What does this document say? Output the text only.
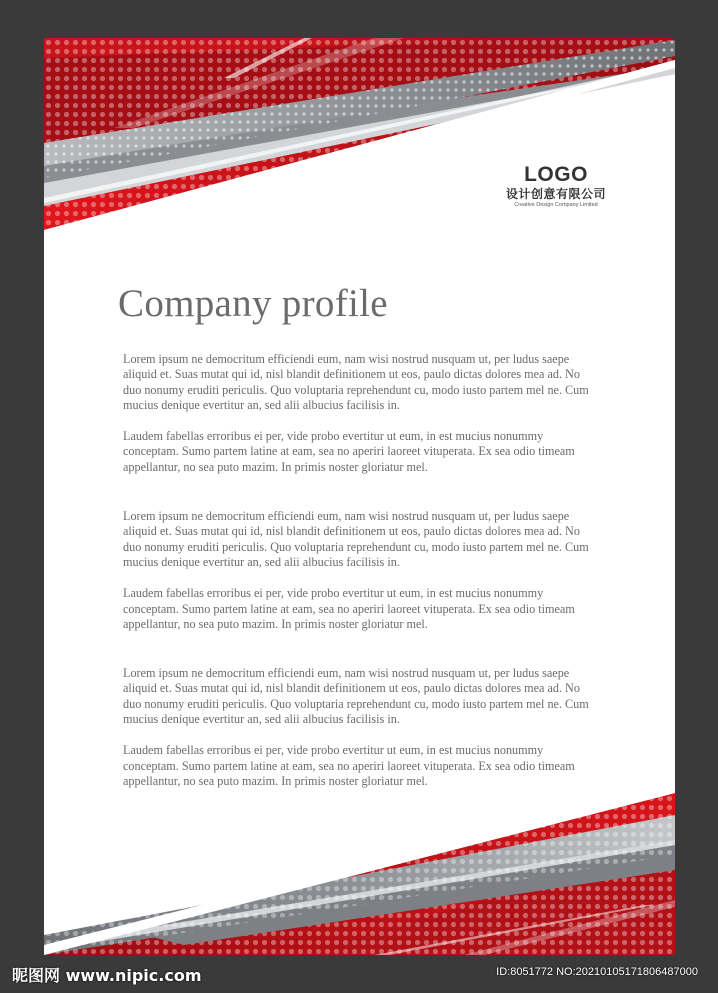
LOGO
设计创意有限公司
Creative Design Company Limited
Company profile

Lorem ipsum ne democritum efficiendi eum, nam wisi nostrud nusquam ut, per ludus saepe aliquid et. Suas mutat qui id, nisl blandit definitionem ut eos, paulo dictas dolores mea ad. No duo nonumy eruditi periculis. Quo voluptaria reprehendunt cu, modo iusto partem mel ne. Cum mucius denique evertitur an, sed alii albucius facilisis in.

Laudem fabellas erroribus ei per, vide probo evertitur ut eum, in est mucius nonummy conceptam. Sumo partem latine at eam, sea no aperiri laoreet vituperata. Ex sea odio timeam appellantur, no sea puto mazim. In primis noster gloriatur mel.

Lorem ipsum ne democritum efficiendi eum, nam wisi nostrud nusquam ut, per ludus saepe aliquid et. Suas mutat qui id, nisl blandit definitionem ut eos, paulo dictas dolores mea ad. No duo nonumy eruditi periculis. Quo voluptaria reprehendunt cu, modo iusto partem mel ne. Cum mucius denique evertitur an, sed alii albucius facilisis in.

Laudem fabellas erroribus ei per, vide probo evertitur ut eum, in est mucius nonummy conceptam. Sumo partem latine at eam, sea no aperiri laoreet vituperata. Ex sea odio timeam appellantur, no sea puto mazim. In primis noster gloriatur mel.

Lorem ipsum ne democritum efficiendi eum, nam wisi nostrud nusquam ut, per ludus saepe aliquid et. Suas mutat qui id, nisl blandit definitionem ut eos, paulo dictas dolores mea ad. No duo nonumy eruditi periculis. Quo voluptaria reprehendunt cu, modo iusto partem mel ne. Cum mucius denique evertitur an, sed alii albucius facilisis in.

Laudem fabellas erroribus ei per, vide probo evertitur ut eum, in est mucius nonummy conceptam. Sumo partem latine at eam, sea no aperiri laoreet vituperata. Ex sea odio timeam appellantur, no sea puto mazim. In primis noster gloriatur mel.

昵图网 www.nipic.com	ID:8051772 NO:20210105171806487000
